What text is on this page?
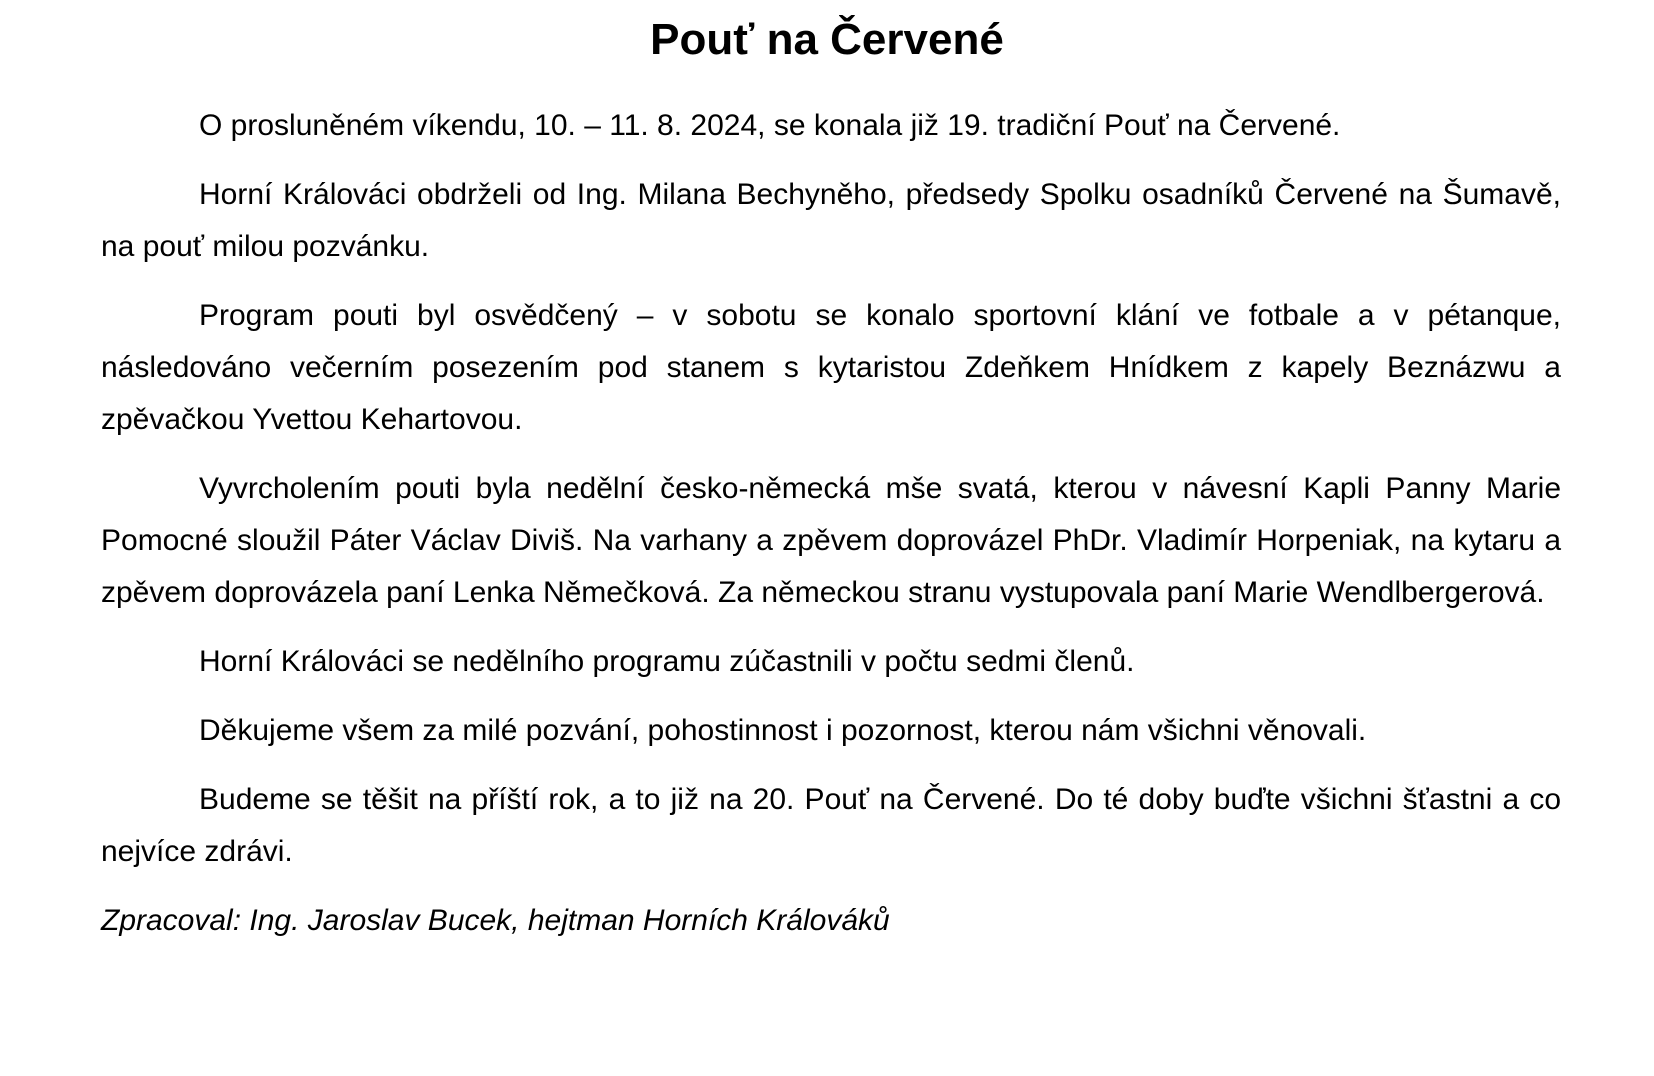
Pouť na Červené

O prosluněném víkendu, 10. – 11. 8. 2024, se konala již 19. tradiční Pouť na Červené.

Horní Králováci obdrželi od Ing. Milana Bechyněho, předsedy Spolku osadníků Červené na Šumavě, na pouť milou pozvánku.

Program pouti byl osvědčený – v sobotu se konalo sportovní klání ve fotbale a v pétanque, následováno večerním posezením pod stanem s kytaristou Zdeňkem Hnídkem z kapely Beznázwu a zpěvačkou Yvettou Kehartovou.

Vyvrcholením pouti byla nedělní česko-německá mše svatá, kterou v návesní Kapli Panny Marie Pomocné sloužil Páter Václav Diviš. Na varhany a zpěvem doprovázel PhDr. Vladimír Horpeniak, na kytaru a zpěvem doprovázela paní Lenka Němečková. Za německou stranu vystupovala paní Marie Wendlbergerová.

Horní Králováci se nedělního programu zúčastnili v počtu sedmi členů.

Děkujeme všem za milé pozvání, pohostinnost i pozornost, kterou nám všichni věnovali.

Budeme se těšit na příští rok, a to již na 20. Pouť na Červené. Do té doby buďte všichni šťastni a co nejvíce zdrávi.

Zpracoval: Ing. Jaroslav Bucek, hejtman Horních Králováků
